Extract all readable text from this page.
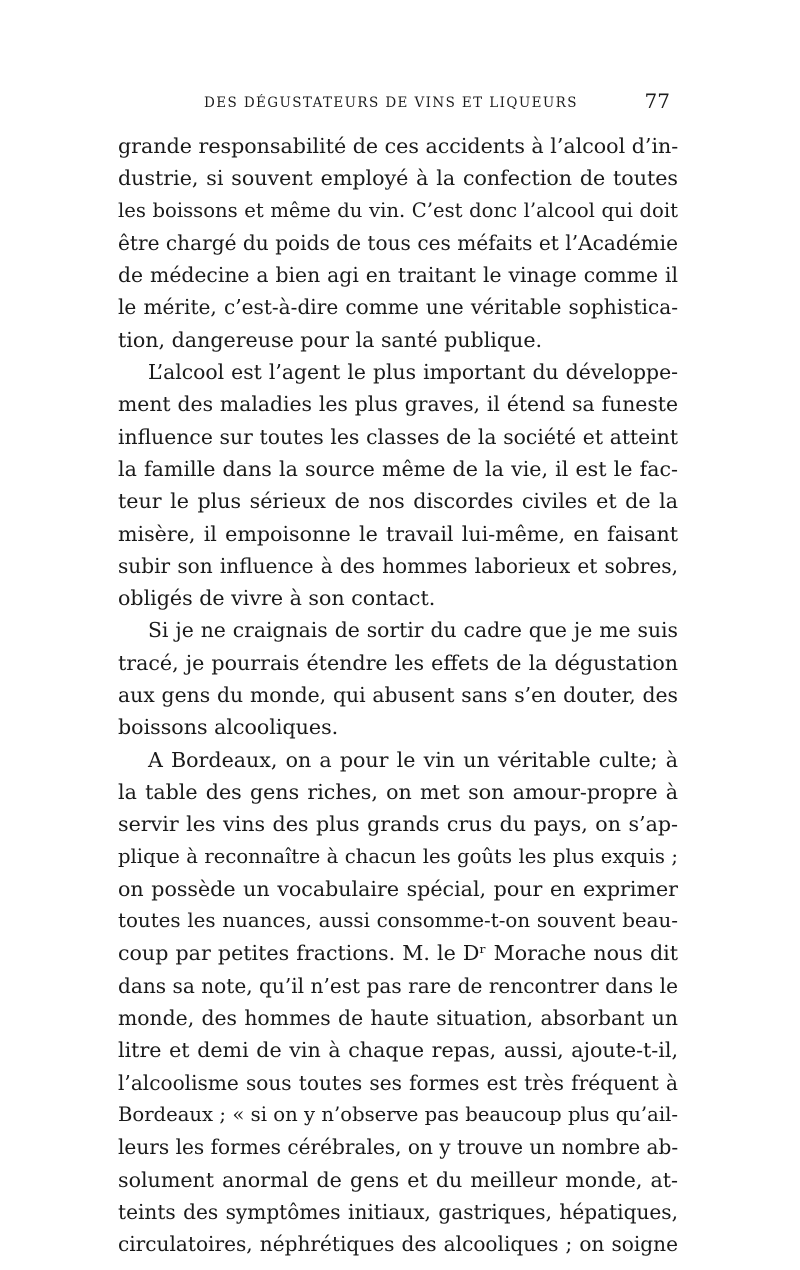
DES DÉGUSTATEURS DE VINS ET LIQUEURS	77
grande responsabilité de ces accidents à l’alcool d’in-
dustrie, si souvent employé à la confection de toutes
les boissons et même du vin. C’est donc l’alcool qui doit
être chargé du poids de tous ces méfaits et l’Académie
de médecine a bien agi en traitant le vinage comme il
le mérite, c’est-à-dire comme une véritable sophistica-
tion, dangereuse pour la santé publique.
L’alcool est l’agent le plus important du développe-
ment des maladies les plus graves, il étend sa funeste
influence sur toutes les classes de la société et atteint
la famille dans la source même de la vie, il est le fac-
teur le plus sérieux de nos discordes civiles et de la
misère, il empoisonne le travail lui-même, en faisant
subir son influence à des hommes laborieux et sobres,
obligés de vivre à son contact.
Si je ne craignais de sortir du cadre que je me suis
tracé, je pourrais étendre les effets de la dégustation
aux gens du monde, qui abusent sans s’en douter, des
boissons alcooliques.
A Bordeaux, on a pour le vin un véritable culte; à
la table des gens riches, on met son amour-propre à
servir les vins des plus grands crus du pays, on s’ap-
plique à reconnaître à chacun les goûts les plus exquis ;
on possède un vocabulaire spécial, pour en exprimer
toutes les nuances, aussi consomme-t-on souvent beau-
coup par petites fractions. M. le Dʳ Morache nous dit
dans sa note, qu’il n’est pas rare de rencontrer dans le
monde, des hommes de haute situation, absorbant un
litre et demi de vin à chaque repas, aussi, ajoute-t-il,
l’alcoolisme sous toutes ses formes est très fréquent à
Bordeaux ; « si on y n’observe pas beaucoup plus qu’ail-
leurs les formes cérébrales, on y trouve un nombre ab-
solument anormal de gens et du meilleur monde, at-
teints des symptômes initiaux, gastriques, hépatiques,
circulatoires, néphrétiques des alcooliques ; on soigne
